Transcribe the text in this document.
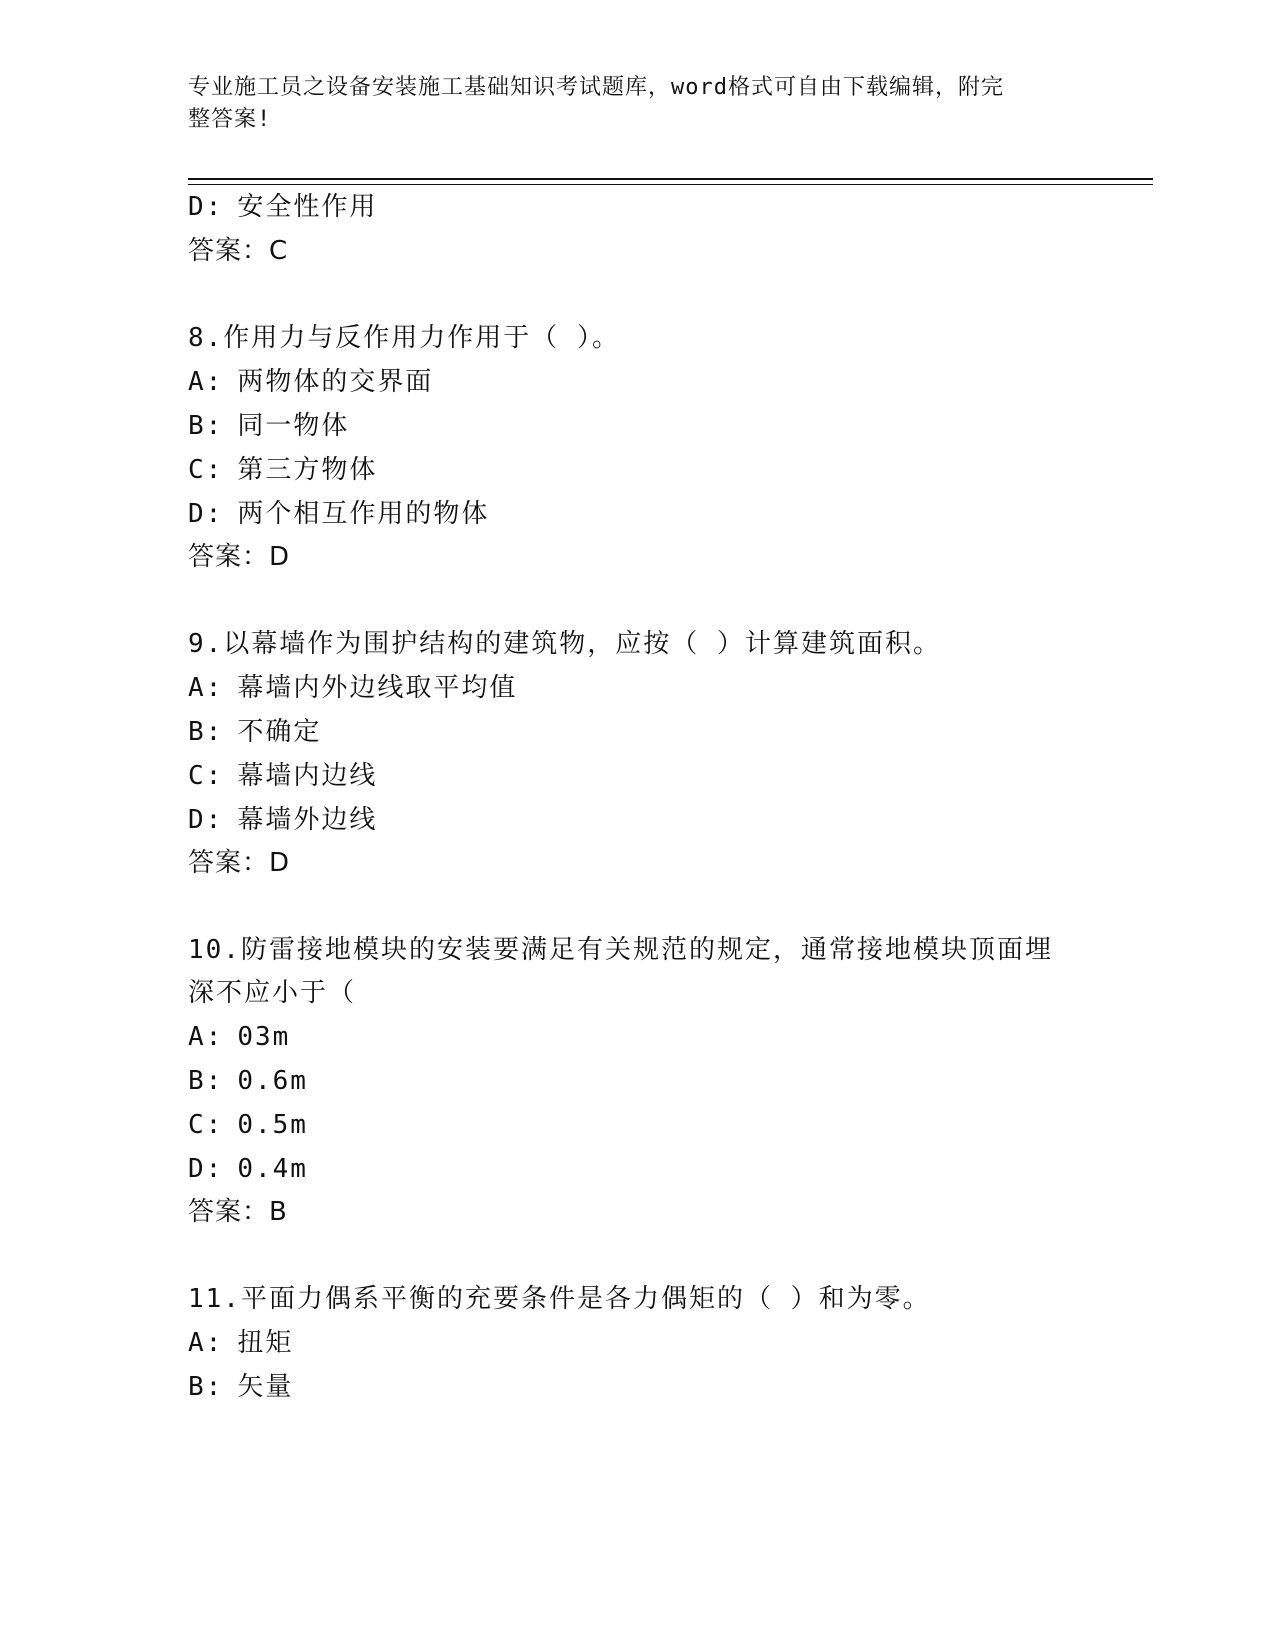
专业施工员之设备安装施工基础知识考试题库，word格式可自由下载编辑，附完
整答案!
D: 安全性作用
答案：C
8.作用力与反作用力作用于（ ）。
A: 两物体的交界面
B: 同一物体
C: 第三方物体
D: 两个相互作用的物体
答案：D
9.以幕墙作为围护结构的建筑物，应按（ ）计算建筑面积。
A: 幕墙内外边线取平均值
B: 不确定
C: 幕墙内边线
D: 幕墙外边线
答案：D
10.防雷接地模块的安装要满足有关规范的规定，通常接地模块顶面埋
深不应小于（
A: 03m
B: 0.6m
C: 0.5m
D: 0.4m
答案：B
11.平面力偶系平衡的充要条件是各力偶矩的（ ）和为零。
A: 扭矩
B: 矢量
